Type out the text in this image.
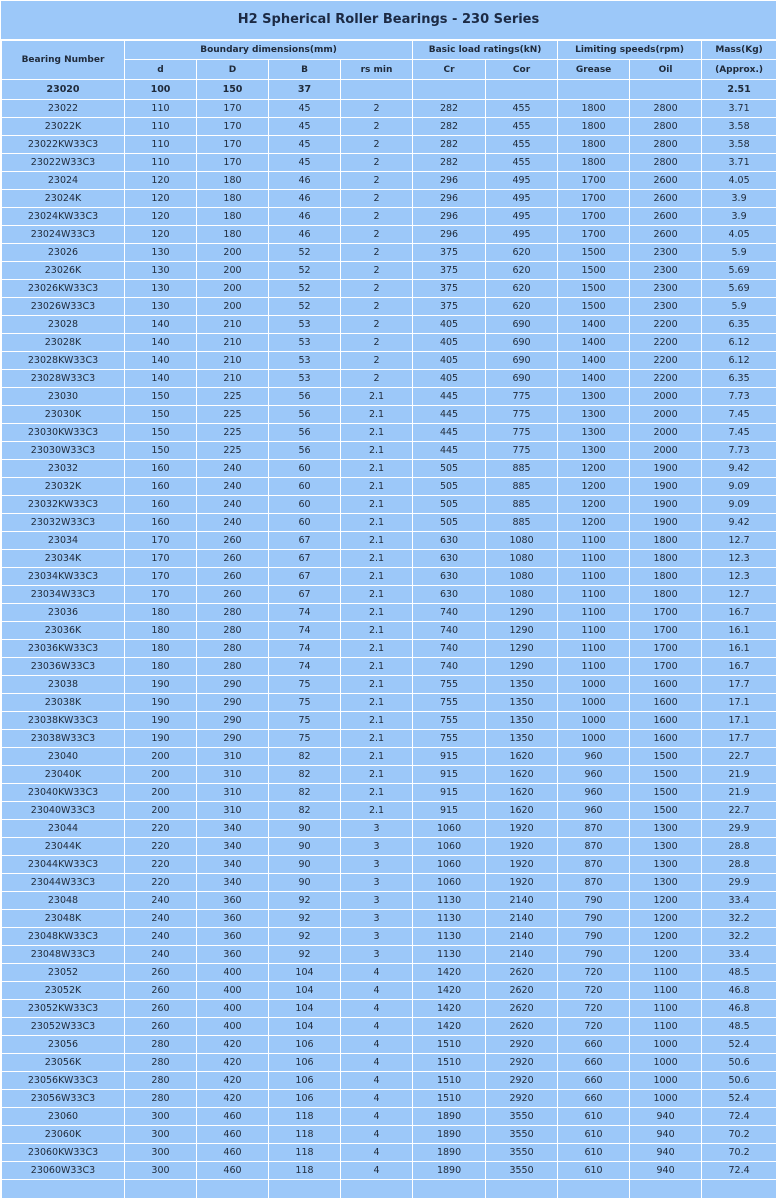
H2 Spherical Roller Bearings - 230 Series
Bearing Number	Boundary dimensions(mm)				Basic load ratings(kN)		Limiting speeds(rpm)		Mass(Kg)
	d	D	B	rs min	Cr	Cor	Grease	Oil	(Approx.)
23020	100	150	37						2.51
23022	110	170	45	2	282	455	1800	2800	3.71
23022K	110	170	45	2	282	455	1800	2800	3.58
23022KW33C3	110	170	45	2	282	455	1800	2800	3.58
23022W33C3	110	170	45	2	282	455	1800	2800	3.71
23024	120	180	46	2	296	495	1700	2600	4.05
23024K	120	180	46	2	296	495	1700	2600	3.9
23024KW33C3	120	180	46	2	296	495	1700	2600	3.9
23024W33C3	120	180	46	2	296	495	1700	2600	4.05
23026	130	200	52	2	375	620	1500	2300	5.9
23026K	130	200	52	2	375	620	1500	2300	5.69
23026KW33C3	130	200	52	2	375	620	1500	2300	5.69
23026W33C3	130	200	52	2	375	620	1500	2300	5.9
23028	140	210	53	2	405	690	1400	2200	6.35
23028K	140	210	53	2	405	690	1400	2200	6.12
23028KW33C3	140	210	53	2	405	690	1400	2200	6.12
23028W33C3	140	210	53	2	405	690	1400	2200	6.35
23030	150	225	56	2.1	445	775	1300	2000	7.73
23030K	150	225	56	2.1	445	775	1300	2000	7.45
23030KW33C3	150	225	56	2.1	445	775	1300	2000	7.45
23030W33C3	150	225	56	2.1	445	775	1300	2000	7.73
23032	160	240	60	2.1	505	885	1200	1900	9.42
23032K	160	240	60	2.1	505	885	1200	1900	9.09
23032KW33C3	160	240	60	2.1	505	885	1200	1900	9.09
23032W33C3	160	240	60	2.1	505	885	1200	1900	9.42
23034	170	260	67	2.1	630	1080	1100	1800	12.7
23034K	170	260	67	2.1	630	1080	1100	1800	12.3
23034KW33C3	170	260	67	2.1	630	1080	1100	1800	12.3
23034W33C3	170	260	67	2.1	630	1080	1100	1800	12.7
23036	180	280	74	2.1	740	1290	1100	1700	16.7
23036K	180	280	74	2.1	740	1290	1100	1700	16.1
23036KW33C3	180	280	74	2.1	740	1290	1100	1700	16.1
23036W33C3	180	280	74	2.1	740	1290	1100	1700	16.7
23038	190	290	75	2.1	755	1350	1000	1600	17.7
23038K	190	290	75	2.1	755	1350	1000	1600	17.1
23038KW33C3	190	290	75	2.1	755	1350	1000	1600	17.1
23038W33C3	190	290	75	2.1	755	1350	1000	1600	17.7
23040	200	310	82	2.1	915	1620	960	1500	22.7
23040K	200	310	82	2.1	915	1620	960	1500	21.9
23040KW33C3	200	310	82	2.1	915	1620	960	1500	21.9
23040W33C3	200	310	82	2.1	915	1620	960	1500	22.7
23044	220	340	90	3	1060	1920	870	1300	29.9
23044K	220	340	90	3	1060	1920	870	1300	28.8
23044KW33C3	220	340	90	3	1060	1920	870	1300	28.8
23044W33C3	220	340	90	3	1060	1920	870	1300	29.9
23048	240	360	92	3	1130	2140	790	1200	33.4
23048K	240	360	92	3	1130	2140	790	1200	32.2
23048KW33C3	240	360	92	3	1130	2140	790	1200	32.2
23048W33C3	240	360	92	3	1130	2140	790	1200	33.4
23052	260	400	104	4	1420	2620	720	1100	48.5
23052K	260	400	104	4	1420	2620	720	1100	46.8
23052KW33C3	260	400	104	4	1420	2620	720	1100	46.8
23052W33C3	260	400	104	4	1420	2620	720	1100	48.5
23056	280	420	106	4	1510	2920	660	1000	52.4
23056K	280	420	106	4	1510	2920	660	1000	50.6
23056KW33C3	280	420	106	4	1510	2920	660	1000	50.6
23056W33C3	280	420	106	4	1510	2920	660	1000	52.4
23060	300	460	118	4	1890	3550	610	940	72.4
23060K	300	460	118	4	1890	3550	610	940	70.2
23060KW33C3	300	460	118	4	1890	3550	610	940	70.2
23060W33C3	300	460	118	4	1890	3550	610	940	72.4
